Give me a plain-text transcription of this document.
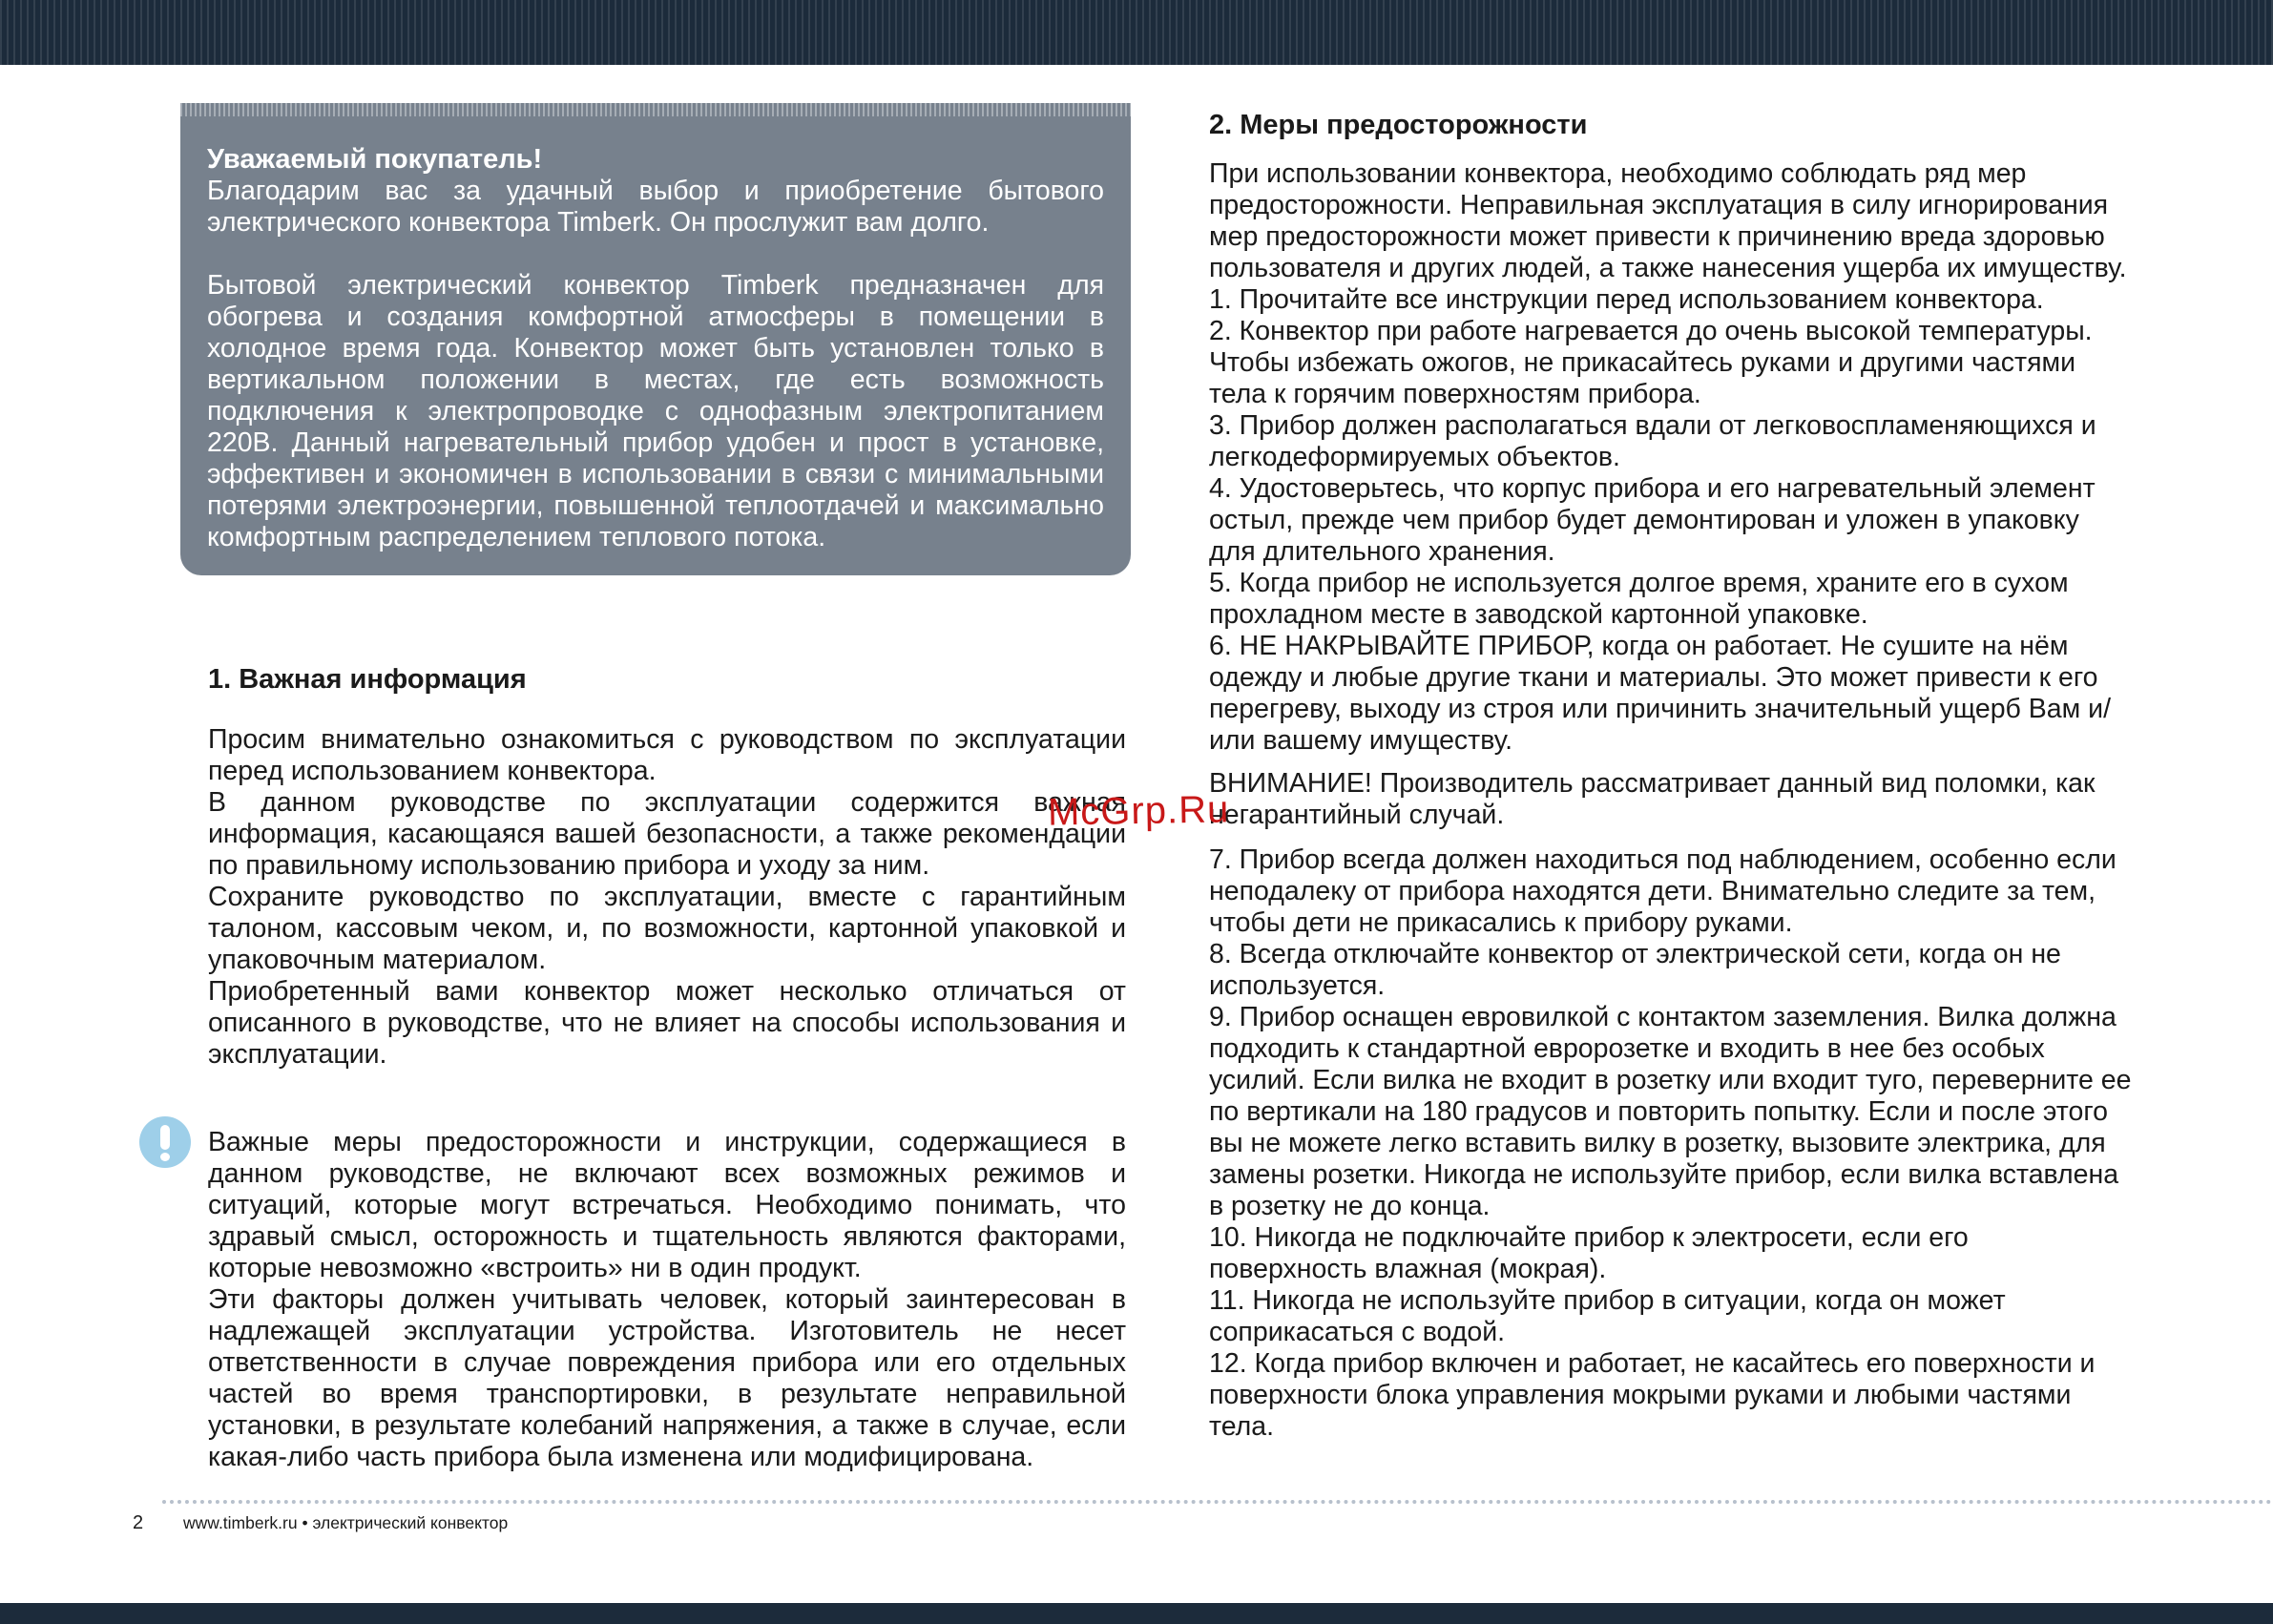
Уважаемый покупатель!

Благодарим вас за удачный выбор и приобретение бытового электрического конвектора Timberk. Он прослужит вам долго.

Бытовой электрический конвектор Timberk предназначен для обогрева и создания комфортной атмосферы в помещении в холодное время года. Конвектор может быть установлен только в вертикальном положении в местах, где есть возможность подключения к электропроводке с однофазным электропитанием 220В. Данный нагревательный прибор удобен и прост в установке, эффективен и экономичен в использовании в связи с минимальными потерями электроэнергии, повышенной теплоотдачей и максимально комфортным распределением теплового потока.

1. Важная информация

Просим внимательно ознакомиться с руководством по эксплуатации перед использованием конвектора.

В данном руководстве по эксплуатации содержится важная информация, касающаяся вашей безопасности, а также рекомендации по правильному использованию прибора и уходу за ним.

Сохраните руководство по эксплуатации, вместе с гарантийным талоном, кассовым чеком, и, по возможности, картонной упаковкой и упаковочным материалом.

Приобретенный вами конвектор может несколько отличаться от описанного в руководстве, что не влияет на способы использования и эксплуатации.

Важные меры предосторожности и инструкции, содержащиеся в данном руководстве, не включают всех возможных режимов и ситуаций, которые могут встречаться. Необходимо понимать, что здравый смысл, осторожность и тщательность являются факторами, которые невозможно «встроить» ни в один продукт.

Эти факторы должен учитывать человек, который заинтересован в надлежащей эксплуатации устройства. Изготовитель не несет ответственности в случае повреждения прибора или его отдельных частей во время транспортировки, в результате неправильной установки, в результате колебаний напряжения, а также в случае, если какая-либо часть прибора была изменена или модифицирована.

2. Меры предосторожности

При использовании конвектора, необходимо соблюдать ряд мер предосторожности. Неправильная эксплуатация в силу игнорирования мер предосторожности может привести к причинению вреда здоровью пользователя и других людей, а также нанесения ущерба их имуществу.

1. Прочитайте все инструкции перед использованием конвектора.

2. Конвектор при работе нагревается до очень высокой температуры. Чтобы избежать ожогов, не прикасайтесь руками и другими частями тела к горячим поверхностям прибора.

3. Прибор должен располагаться вдали от легковоспламеняющихся и легкодеформируемых объектов.

4. Удостоверьтесь, что корпус прибора и его нагревательный элемент остыл, прежде чем прибор будет демонтирован и уложен в упаковку для длительного хранения.

5. Когда прибор не используется долгое время, храните его в сухом прохладном месте в заводской картонной упаковке.

6. НЕ НАКРЫВАЙТЕ ПРИБОР, когда он работает. Не сушите на нём одежду и любые другие ткани и материалы. Это может привести к его перегреву, выходу из строя или причинить значительный ущерб Вам и/или вашему имуществу.

ВНИМАНИЕ! Производитель рассматривает данный вид поломки, как негарантийный случай.

7. Прибор всегда должен находиться под наблюдением, особенно если неподалеку от прибора находятся дети. Внимательно следите за тем, чтобы дети не прикасались к прибору руками.

8. Всегда отключайте конвектор от электрической сети, когда он не используется.

9. Прибор оснащен евровилкой с контактом заземления. Вилка должна подходить к стандартной евророзетке и входить в нее без особых усилий. Если вилка не входит в розетку или входит туго, переверните ее по вертикали на 180 градусов и повторить попытку. Если и после этого вы не можете легко вставить вилку в розетку, вызовите электрика, для замены розетки. Никогда не используйте прибор, если вилка вставлена в розетку не до конца.

10. Никогда не подключайте прибор к электросети, если его поверхность влажная (мокрая).

11. Никогда не используйте прибор в ситуации, когда он может соприкасаться с водой.

12. Когда прибор включен и работает, не касайтесь его поверхности и поверхности блока управления мокрыми руками и любыми частями тела.

McGrp.Ru
2 www.timberk.ru • электрический конвектор
